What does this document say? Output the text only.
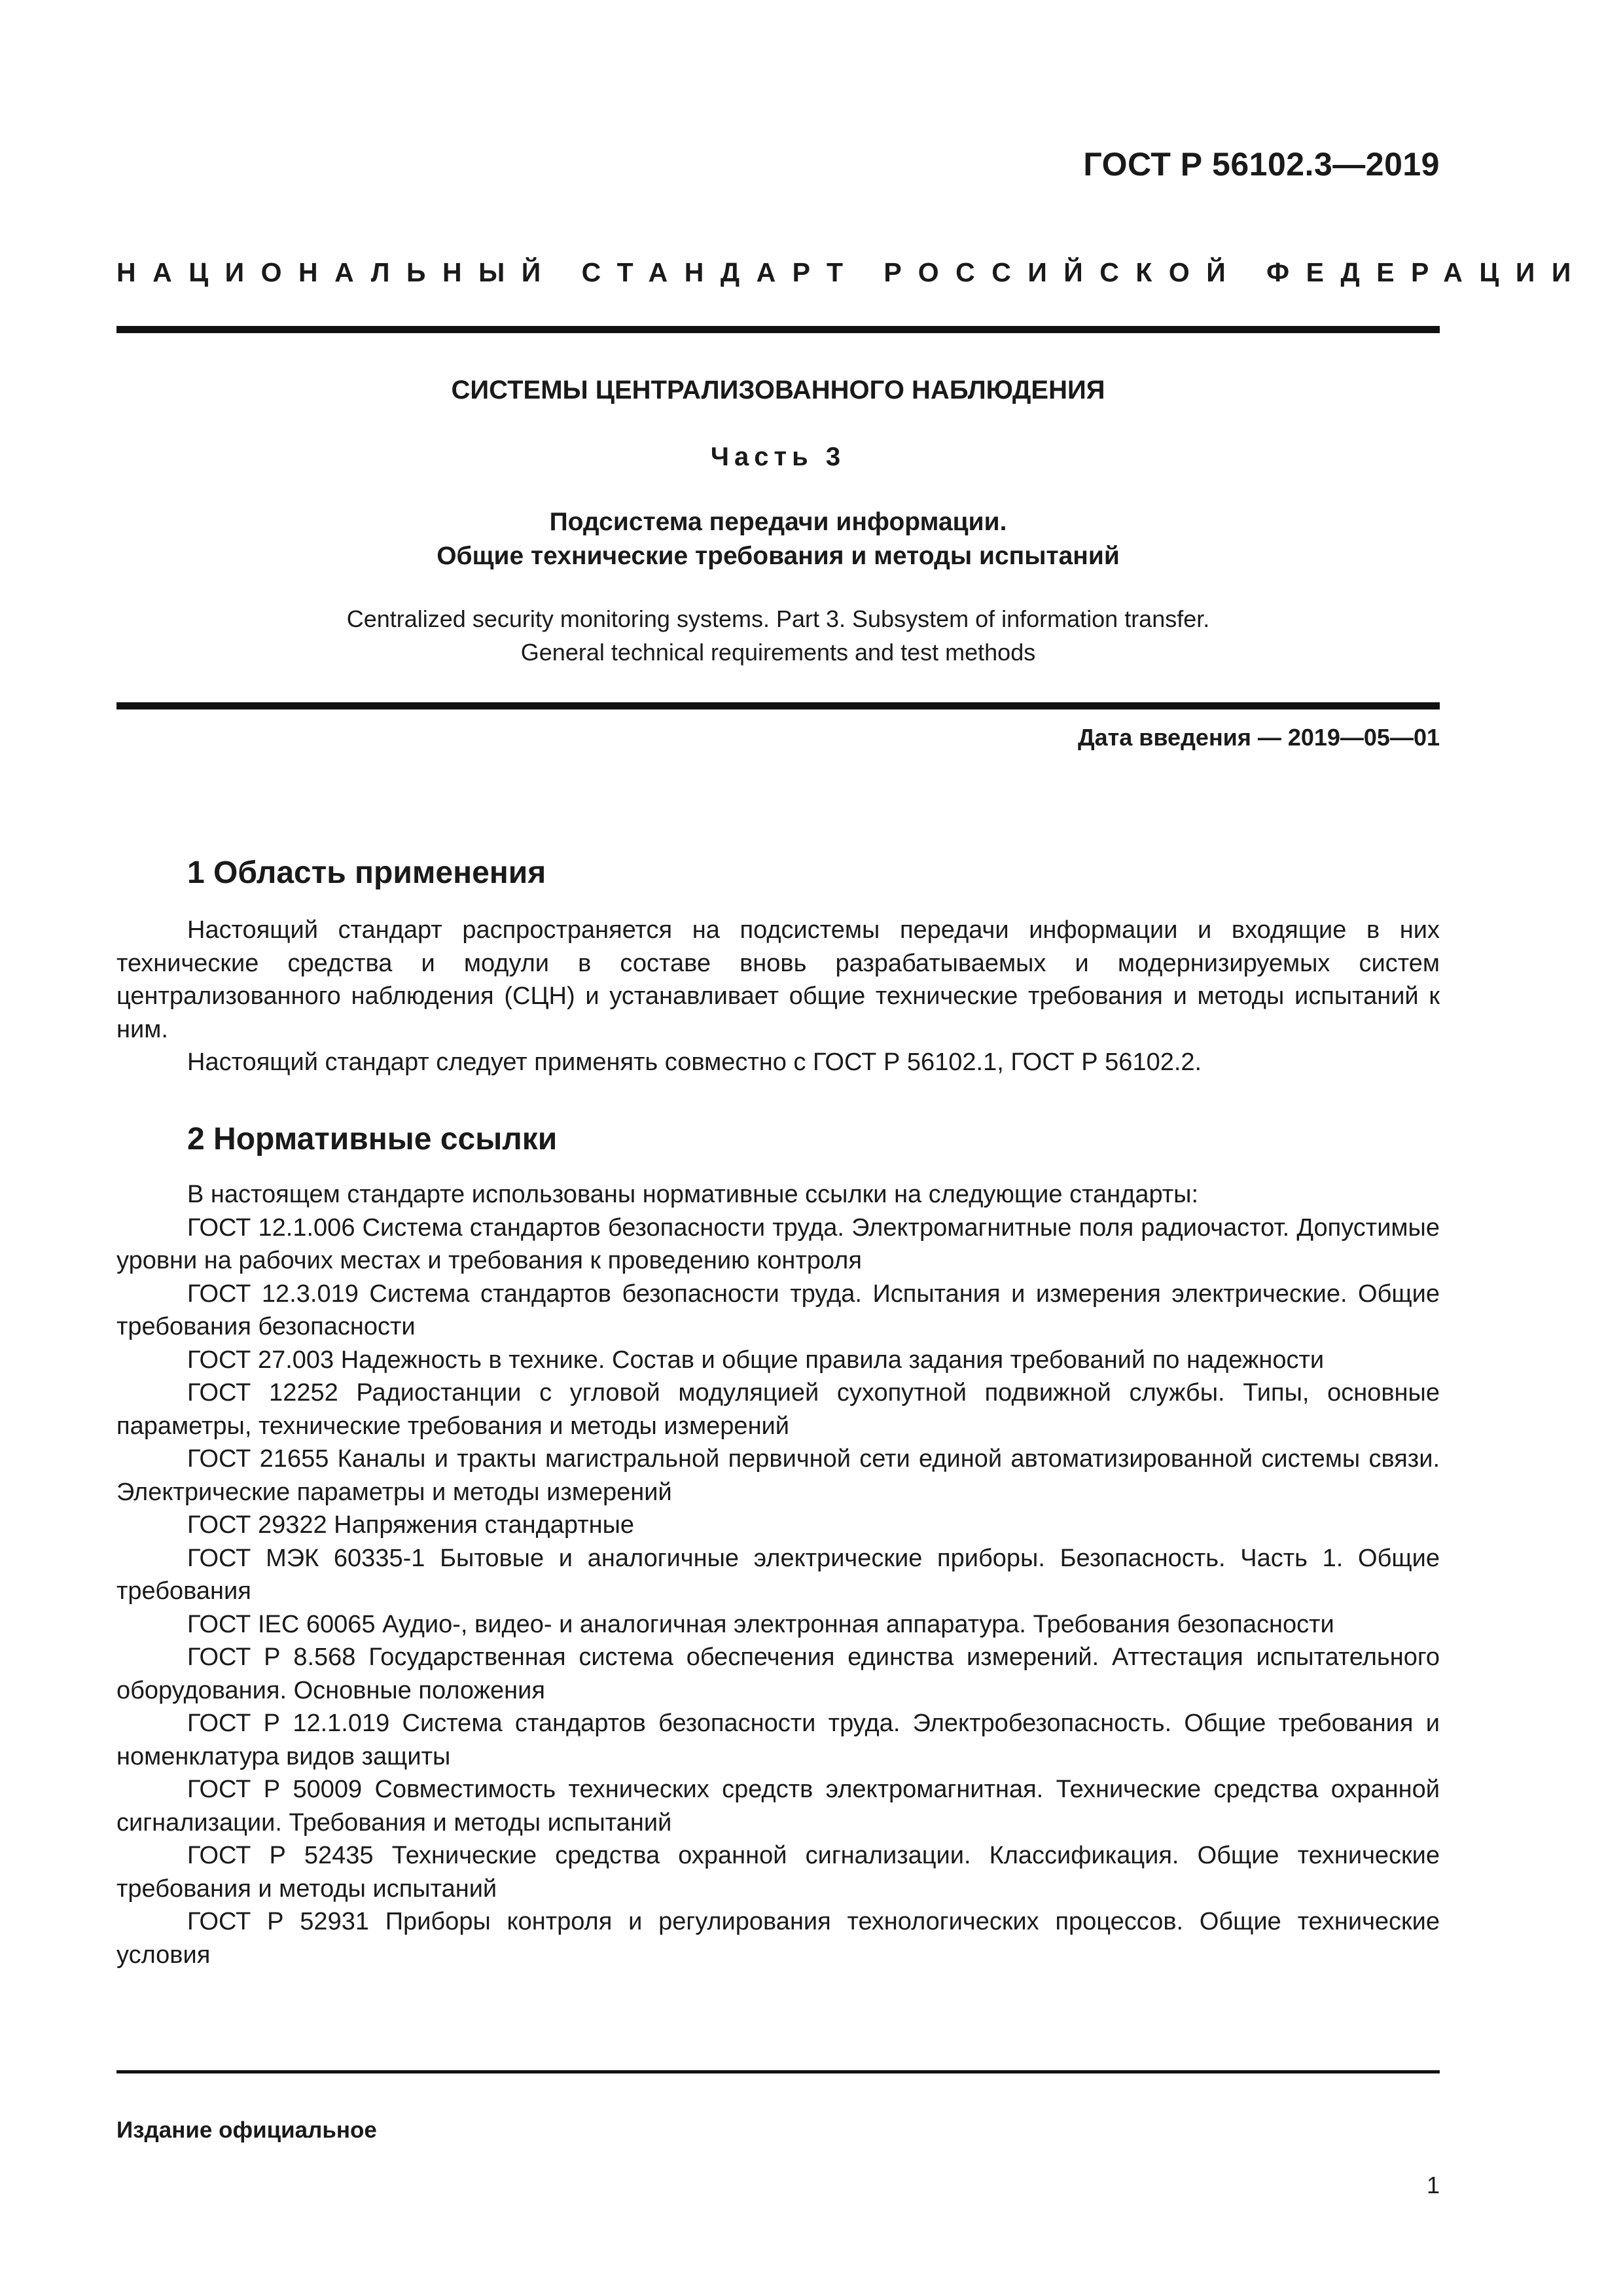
ГОСТ Р 56102.3—2019
НАЦИОНАЛЬНЫЙ СТАНДАРТ РОССИЙСКОЙ ФЕДЕРАЦИИ
СИСТЕМЫ ЦЕНТРАЛИЗОВАННОГО НАБЛЮДЕНИЯ
Часть 3
Подсистема передачи информации.
Общие технические требования и методы испытаний
Centralized security monitoring systems. Part 3. Subsystem of information transfer.
General technical requirements and test methods
Дата введения — 2019—05—01
1 Область применения

Настоящий стандарт распространяется на подсистемы передачи информации и входящие в них технические средства и модули в составе вновь разрабатываемых и модернизируемых систем централизованного наблюдения (СЦН) и устанавливает общие технические требования и методы испытаний к ним.

Настоящий стандарт следует применять совместно с ГОСТ Р 56102.1, ГОСТ Р 56102.2.

2 Нормативные ссылки

В настоящем стандарте использованы нормативные ссылки на следующие стандарты:

ГОСТ 12.1.006 Система стандартов безопасности труда. Электромагнитные поля радиочастот. Допустимые уровни на рабочих местах и требования к проведению контроля

ГОСТ 12.3.019 Система стандартов безопасности труда. Испытания и измерения электрические. Общие требования безопасности

ГОСТ 27.003 Надежность в технике. Состав и общие правила задания требований по надежности

ГОСТ 12252 Радиостанции с угловой модуляцией сухопутной подвижной службы. Типы, основные параметры, технические требования и методы измерений

ГОСТ 21655 Каналы и тракты магистральной первичной сети единой автоматизированной системы связи. Электрические параметры и методы измерений

ГОСТ 29322 Напряжения стандартные

ГОСТ МЭК 60335-1 Бытовые и аналогичные электрические приборы. Безопасность. Часть 1. Общие требования

ГОСТ IEC 60065 Аудио-, видео- и аналогичная электронная аппаратура. Требования безопасности

ГОСТ Р 8.568 Государственная система обеспечения единства измерений. Аттестация испытательного оборудования. Основные положения

ГОСТ Р 12.1.019 Система стандартов безопасности труда. Электробезопасность. Общие требования и номенклатура видов защиты

ГОСТ Р 50009 Совместимость технических средств электромагнитная. Технические средства охранной сигнализации. Требования и методы испытаний

ГОСТ Р 52435 Технические средства охранной сигнализации. Классификация. Общие технические требования и методы испытаний

ГОСТ Р 52931 Приборы контроля и регулирования технологических процессов. Общие технические условия

Издание официальное
1
